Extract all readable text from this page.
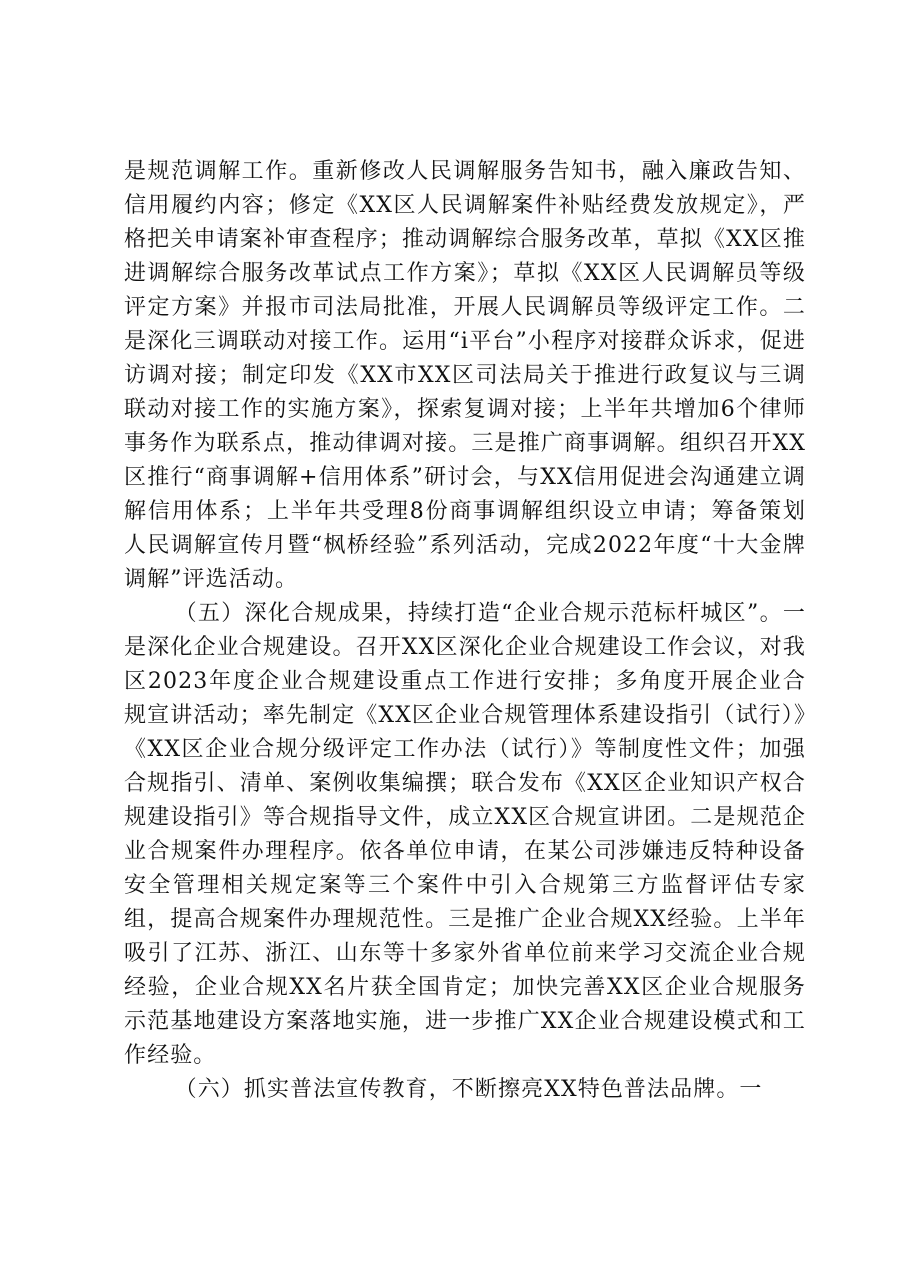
是规范调解工作。重新修改人民调解服务告知书，融入廉政告知、信用履约内容；修定《XX区人民调解案件补贴经费发放规定》，严格把关申请案补审查程序；推动调解综合服务改革，草拟《XX区推进调解综合服务改革试点工作方案》；草拟《XX区人民调解员等级评定方案》并报市司法局批准，开展人民调解员等级评定工作。二是深化三调联动对接工作。运用“i平台”小程序对接群众诉求，促进访调对接；制定印发《XX市XX区司法局关于推进行政复议与三调联动对接工作的实施方案》，探索复调对接；上半年共增加6个律师事务作为联系点，推动律调对接。三是推广商事调解。组织召开XX区推行“商事调解+信用体系”研讨会，与XX信用促进会沟通建立调解信用体系；上半年共受理8份商事调解组织设立申请；筹备策划人民调解宣传月暨“枫桥经验”系列活动，完成2022年度“十大金牌调解”评选活动。

（五）深化合规成果，持续打造“企业合规示范标杆城区”。一是深化企业合规建设。召开XX区深化企业合规建设工作会议，对我区2023年度企业合规建设重点工作进行安排；多角度开展企业合规宣讲活动；率先制定《XX区企业合规管理体系建设指引（试行）》《XX区企业合规分级评定工作办法（试行）》等制度性文件；加强合规指引、清单、案例收集编撰；联合发布《XX区企业知识产权合规建设指引》等合规指导文件，成立XX区合规宣讲团。二是规范企业合规案件办理程序。依各单位申请，在某公司涉嫌违反特种设备安全管理相关规定案等三个案件中引入合规第三方监督评估专家组，提高合规案件办理规范性。三是推广企业合规XX经验。上半年吸引了江苏、浙江、山东等十多家外省单位前来学习交流企业合规经验，企业合规XX名片获全国肯定；加快完善XX区企业合规服务示范基地建设方案落地实施，进一步推广XX企业合规建设模式和工作经验。

（六）抓实普法宣传教育，不断擦亮XX特色普法品牌。一
